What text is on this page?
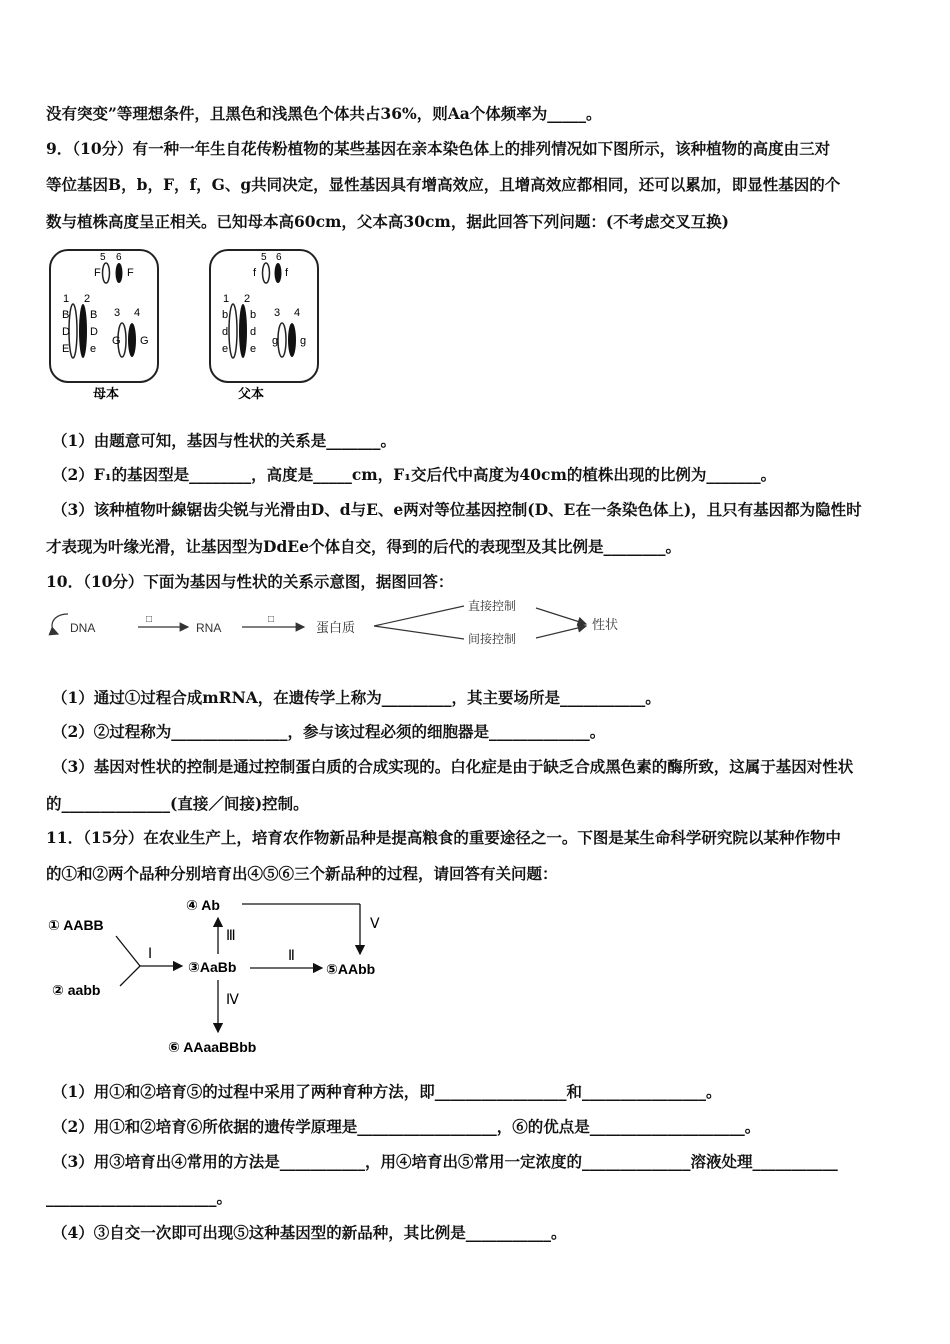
没有突变”等理想条件，且黑色和浅黑色个体共占36%，则Aa个体频率为_____。
9．（10分）有一种一年生自花传粉植物的某些基因在亲本染色体上的排列情况如下图所示，该种植物的高度由三对
等位基因B，b，F，f，G、g共同决定，显性基因具有增高效应，且增高效应都相同，还可以累加，即显性基因的个
数与植株高度呈正相关。已知母本高60cm，父本高30cm，据此回答下列问题：(不考虑交叉互换)
5 6
F F
1 2
B
D
E
B
D
e
3 4
G G
母本
5 6
f	f
1 2
b
d
e
b
d
e
3 4
g g
父本
（1）由题意可知，基因与性状的关系是_______。
（2）F₁的基因型是________，高度是_____cm，F₁交后代中高度为40cm的植株出现的比例为_______。
（3）该种植物叶線锯齿尖锐与光滑由D、d与E、e两对等位基因控制(D、E在一条染色体上)，且只有基因都为隐性时
才表现为叶缘光滑，让基因型为DdEe个体自交，得到的后代的表现型及其比例是________。
10．（10分）下面为基因与性状的关系示意图，据图回答：
DNA
□
RNA
□
蛋白质
直接控制
间接控制
性状
（1）通过①过程合成mRNA，在遗传学上称为_________，其主要场所是___________。
（2）②过程称为_______________，参与该过程必须的细胞器是_____________。
（3）基因对性状的控制是通过控制蛋白质的合成实现的。白化症是由于缺乏合成黑色素的酶所致，这属于基因对性状
的______________(直接／间接)控制。
11．（15分）在农业生产上，培育农作物新品种是提高粮食的重要途径之一。下图是某生命科学研究院以某种作物中
的①和②两个品种分别培育出④⑤⑥三个新品种的过程，请回答有关问题：
① AABB
② aabb
Ⅰ
③AaBb
④ Ab
Ⅲ
Ⅴ
Ⅱ
⑤AAbb
Ⅳ
⑥ AAaaBBbb
（1）用①和②培育⑤的过程中采用了两种育种方法，即_________________和________________。
（2）用①和②培育⑥所依据的遗传学原理是__________________，⑥的优点是____________________。
（3）用③培育出④常用的方法是___________，用④培育出⑤常用一定浓度的______________溶液处理___________
______________________。
（4）③自交一次即可出现⑤这种基因型的新品种，其比例是___________。
